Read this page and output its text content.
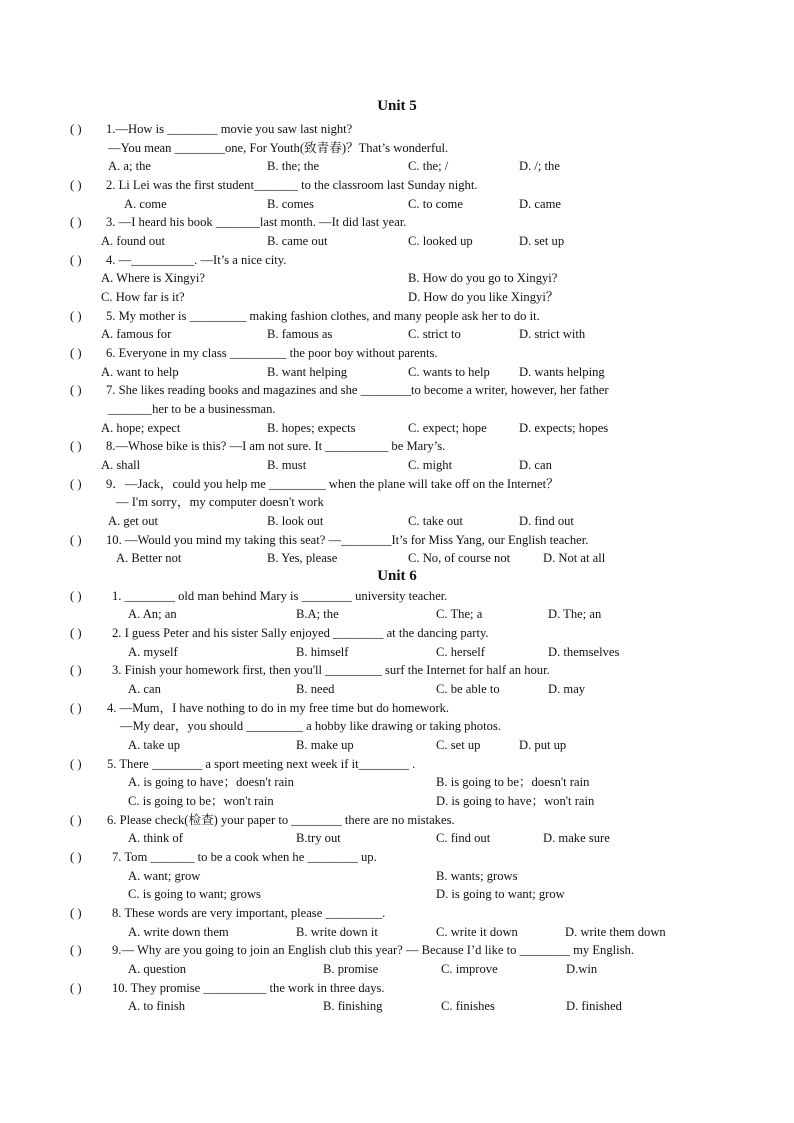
Unit 5
( ) 1.—How is ________ movie you saw last night?
—You mean ________one, For Youth(致青春)？That’s wonderful.
A. a; the	B. the; the	C. the; /	D. /; the
( ) 2. Li Lei was the first student_______ to the classroom last Sunday night.
A. come	B. comes	C. to come	D. came
( ) 3. —I heard his book _______last month. —It did last year.
A. found out	B. came out	C. looked up	D. set up
( ) 4. —__________. —It’s a nice city.
A. Where is Xingyi?	B. How do you go to Xingyi?
C. How far is it?	D. How do you like Xingyi？
( ) 5. My mother is _________ making fashion clothes, and many people ask her to do it.
A. famous for	B. famous as	C. strict to	D. strict with
( ) 6. Everyone in my class _________ the poor boy without parents.
A. want to help	B. want helping	C. wants to help D. wants helping
( ) 7. She likes reading books and magazines and she ________to become a writer, however, her father
_______her to be a businessman.
A. hope; expect	B. hopes; expects	C. expect; hope	D. expects; hopes
( ) 8.—Whose bike is this? —I am not sure. It __________ be Mary’s.
A. shall	B. must	C. might	D. can
( ) 9．—Jack，could you help me _________ when the plane will take off on the Internet？
— I'm sorry，my computer doesn't work
A. get out	B. look out	C. take out	D. find out
( ) 10. —Would you mind my taking this seat? —________It’s for Miss Yang, our English teacher.
A. Better not	B. Yes, please	C. No, of course not	D. Not at all
Unit 6
( ) 1. ________ old man behind Mary is ________ university teacher.
A. An; an	B.A; the	C. The; a	D. The; an
( ) 2. I guess Peter and his sister Sally enjoyed ________ at the dancing party.
A. myself	B. himself	C. herself	D. themselves
( ) 3. Finish your homework first, then you'll _________ surf the Internet for half an hour.
A. can	B. need	C. be able to	D. may
( ) 4. —Mum，I have nothing to do in my free time but do homework.
—My dear，you should _________ a hobby like drawing or taking photos.
A. take up	B. make up	C. set up	D. put up
( ) 5. There ________ a sport meeting next week if it________ .
A. is going to have；doesn't rain	B. is going to be；doesn't rain
C. is going to be；won't rain	D. is going to have；won't rain
( ) 6. Please check(检查) your paper to ________ there are no mistakes.
A. think of	B.try out	C. find out	D. make sure
( ) 7. Tom _______ to be a cook when he ________ up.
A. want; grow	B. wants; grows
C. is going to want; grows	D. is going to want; grow
( ) 8. These words are very important, please _________.
A. write down them	B. write down it	C. write it down	D. write them down
( ) 9.— Why are you going to join an English club this year? — Because I’d like to ________ my English.
A. question	B. promise	C. improve	D.win
( ) 10. They promise __________ the work in three days.
A. to finish	B. finishing	C. finishes	D. finished
